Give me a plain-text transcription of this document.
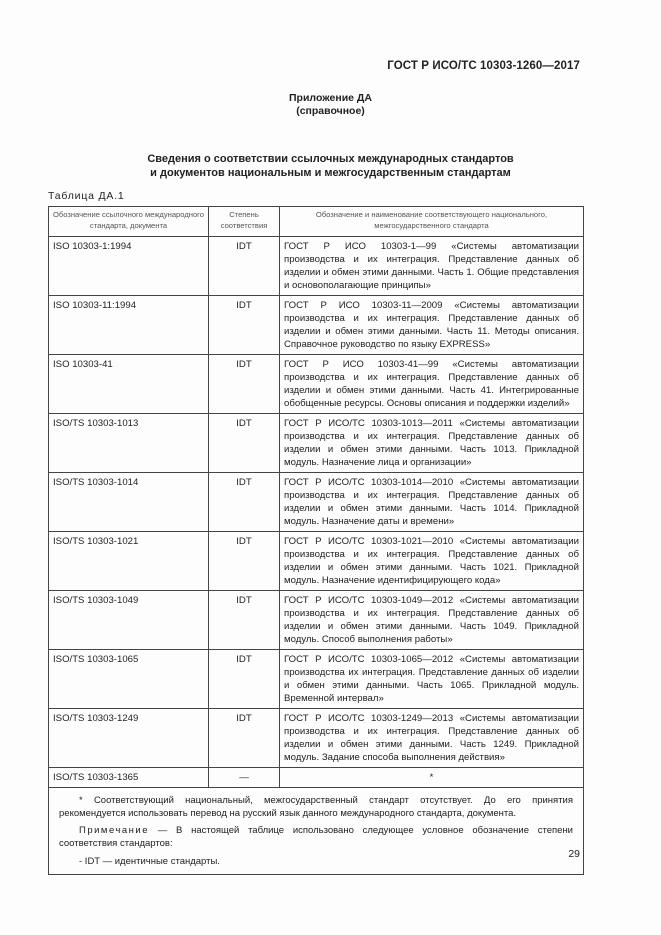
ГОСТ Р ИСО/ТС 10303-1260—2017
Приложение ДА
(справочное)
Сведения о соответствии ссылочных международных стандартов
и документов национальным и межгосударственным стандартам
Таблица ДА.1
Обозначение ссылочного международного стандарта, документа	Степень соответствия	Обозначение и наименование соответствующего национального, межгосударственного стандарта
ISO 10303-1:1994	IDT	ГОСТ Р ИСО 10303-1—99 «Системы автоматизации производства и их интеграция. Представление данных об изделии и обмен этими данными. Часть 1. Общие представления и основополагающие принципы»
ISO 10303-11:1994	IDT	ГОСТ Р ИСО 10303-11—2009 «Системы автоматизации производства и их интеграция. Представление данных об изделии и обмен этими данными. Часть 11. Методы описания. Справочное руководство по языку EXPRESS»
ISO 10303-41	IDT	ГОСТ Р ИСО 10303-41—99 «Системы автоматизации производства и их интеграция. Представление данных об изделии и обмен этими данными. Часть 41. Интегрированные обобщенные ресурсы. Основы описания и поддержки изделий»
ISO/TS 10303-1013	IDT	ГОСТ Р ИСО/ТС 10303-1013—2011 «Системы автоматизации производства и их интеграция. Представление данных об изделии и обмен этими данными. Часть 1013. Прикладной модуль. Назначение лица и организации»
ISO/TS 10303-1014	IDT	ГОСТ Р ИСО/ТС 10303-1014—2010 «Системы автоматизации производства и их интеграция. Представление данных об изделии и обмен этими данными. Часть 1014. Прикладной модуль. Назначение даты и времени»
ISO/TS 10303-1021	IDT	ГОСТ Р ИСО/ТС 10303-1021—2010 «Системы автоматизации производства и их интеграция. Представление данных об изделии и обмен этими данными. Часть 1021. Прикладной модуль. Назначение идентифицирующего кода»
ISO/TS 10303-1049	IDT	ГОСТ Р ИСО/ТС 10303-1049—2012 «Системы автоматизации производства и их интеграция. Представление данных об изделии и обмен этими данными. Часть 1049. Прикладной модуль. Способ выполнения работы»
ISO/TS 10303-1065	IDT	ГОСТ Р ИСО/ТС 10303-1065—2012 «Системы автоматизации производства их интеграция. Представление данных об изделии и обмен этими данными. Часть 1065. Прикладной модуль. Временной интервал»
ISO/TS 10303-1249	IDT	ГОСТ Р ИСО/ТС 10303-1249—2013 «Системы автоматизации производства и их интеграция. Представление данных об изделии и обмен этими данными. Часть 1249. Прикладной модуль. Задание способа выполнения действия»
ISO/TS 10303-1365	—	*

* Соответствующий национальный, межгосударственный стандарт отсутствует. До его принятия рекомендуется использовать перевод на русский язык данного международного стандарта, документа.

Примечание — В настоящей таблице использовано следующее условное обозначение степени соответствия стандартов:

- IDT — идентичные стандарты.		

29
